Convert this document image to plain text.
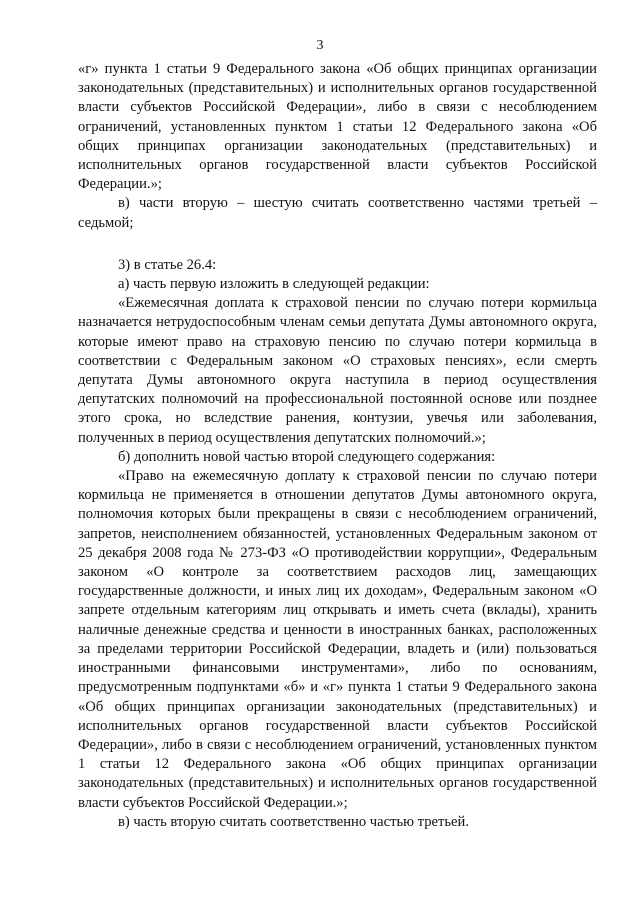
3

«г» пункта 1 статьи 9 Федерального закона «Об общих принципах организации законодательных (представительных) и исполнительных органов государственной власти субъектов Российской Федерации», либо в связи с несоблюдением ограничений, установленных пунктом 1 статьи 12 Федерального закона «Об общих принципах организации законодательных (представительных) и исполнительных органов государственной власти субъектов Российской Федерации.»;

в) части вторую – шестую считать соответственно частями третьей – седьмой;

3) в статье 26.4:

а) часть первую изложить в следующей редакции:

«Ежемесячная доплата к страховой пенсии по случаю потери кормильца назначается нетрудоспособным членам семьи депутата Думы автономного округа, которые имеют право на страховую пенсию по случаю потери кормильца в соответствии с Федеральным законом «О страховых пенсиях», если смерть депутата Думы автономного округа наступила в период осуществления депутатских полномочий на профессиональной постоянной основе или позднее этого срока, но вследствие ранения, контузии, увечья или заболевания, полученных в период осуществления депутатских полномочий.»;

б) дополнить новой частью второй следующего содержания:

«Право на ежемесячную доплату к страховой пенсии по случаю потери кормильца не применяется в отношении депутатов Думы автономного округа, полномочия которых были прекращены в связи с несоблюдением ограничений, запретов, неисполнением обязанностей, установленных Федеральным законом от 25 декабря 2008 года № 273-ФЗ «О противодействии коррупции», Федеральным законом «О контроле за соответствием расходов лиц, замещающих государственные должности, и иных лиц их доходам», Федеральным законом «О запрете отдельным категориям лиц открывать и иметь счета (вклады), хранить наличные денежные средства и ценности в иностранных банках, расположенных за пределами территории Российской Федерации, владеть и (или) пользоваться иностранными финансовыми инструментами», либо по основаниям, предусмотренным подпунктами «б» и «г» пункта 1 статьи 9 Федерального закона «Об общих принципах организации законодательных (представительных) и исполнительных органов государственной власти субъектов Российской Федерации», либо в связи с несоблюдением ограничений, установленных пунктом 1 статьи 12 Федерального закона «Об общих принципах организации законодательных (представительных) и исполнительных органов государственной власти субъектов Российской Федерации.»;

в) часть вторую считать соответственно частью третьей.
